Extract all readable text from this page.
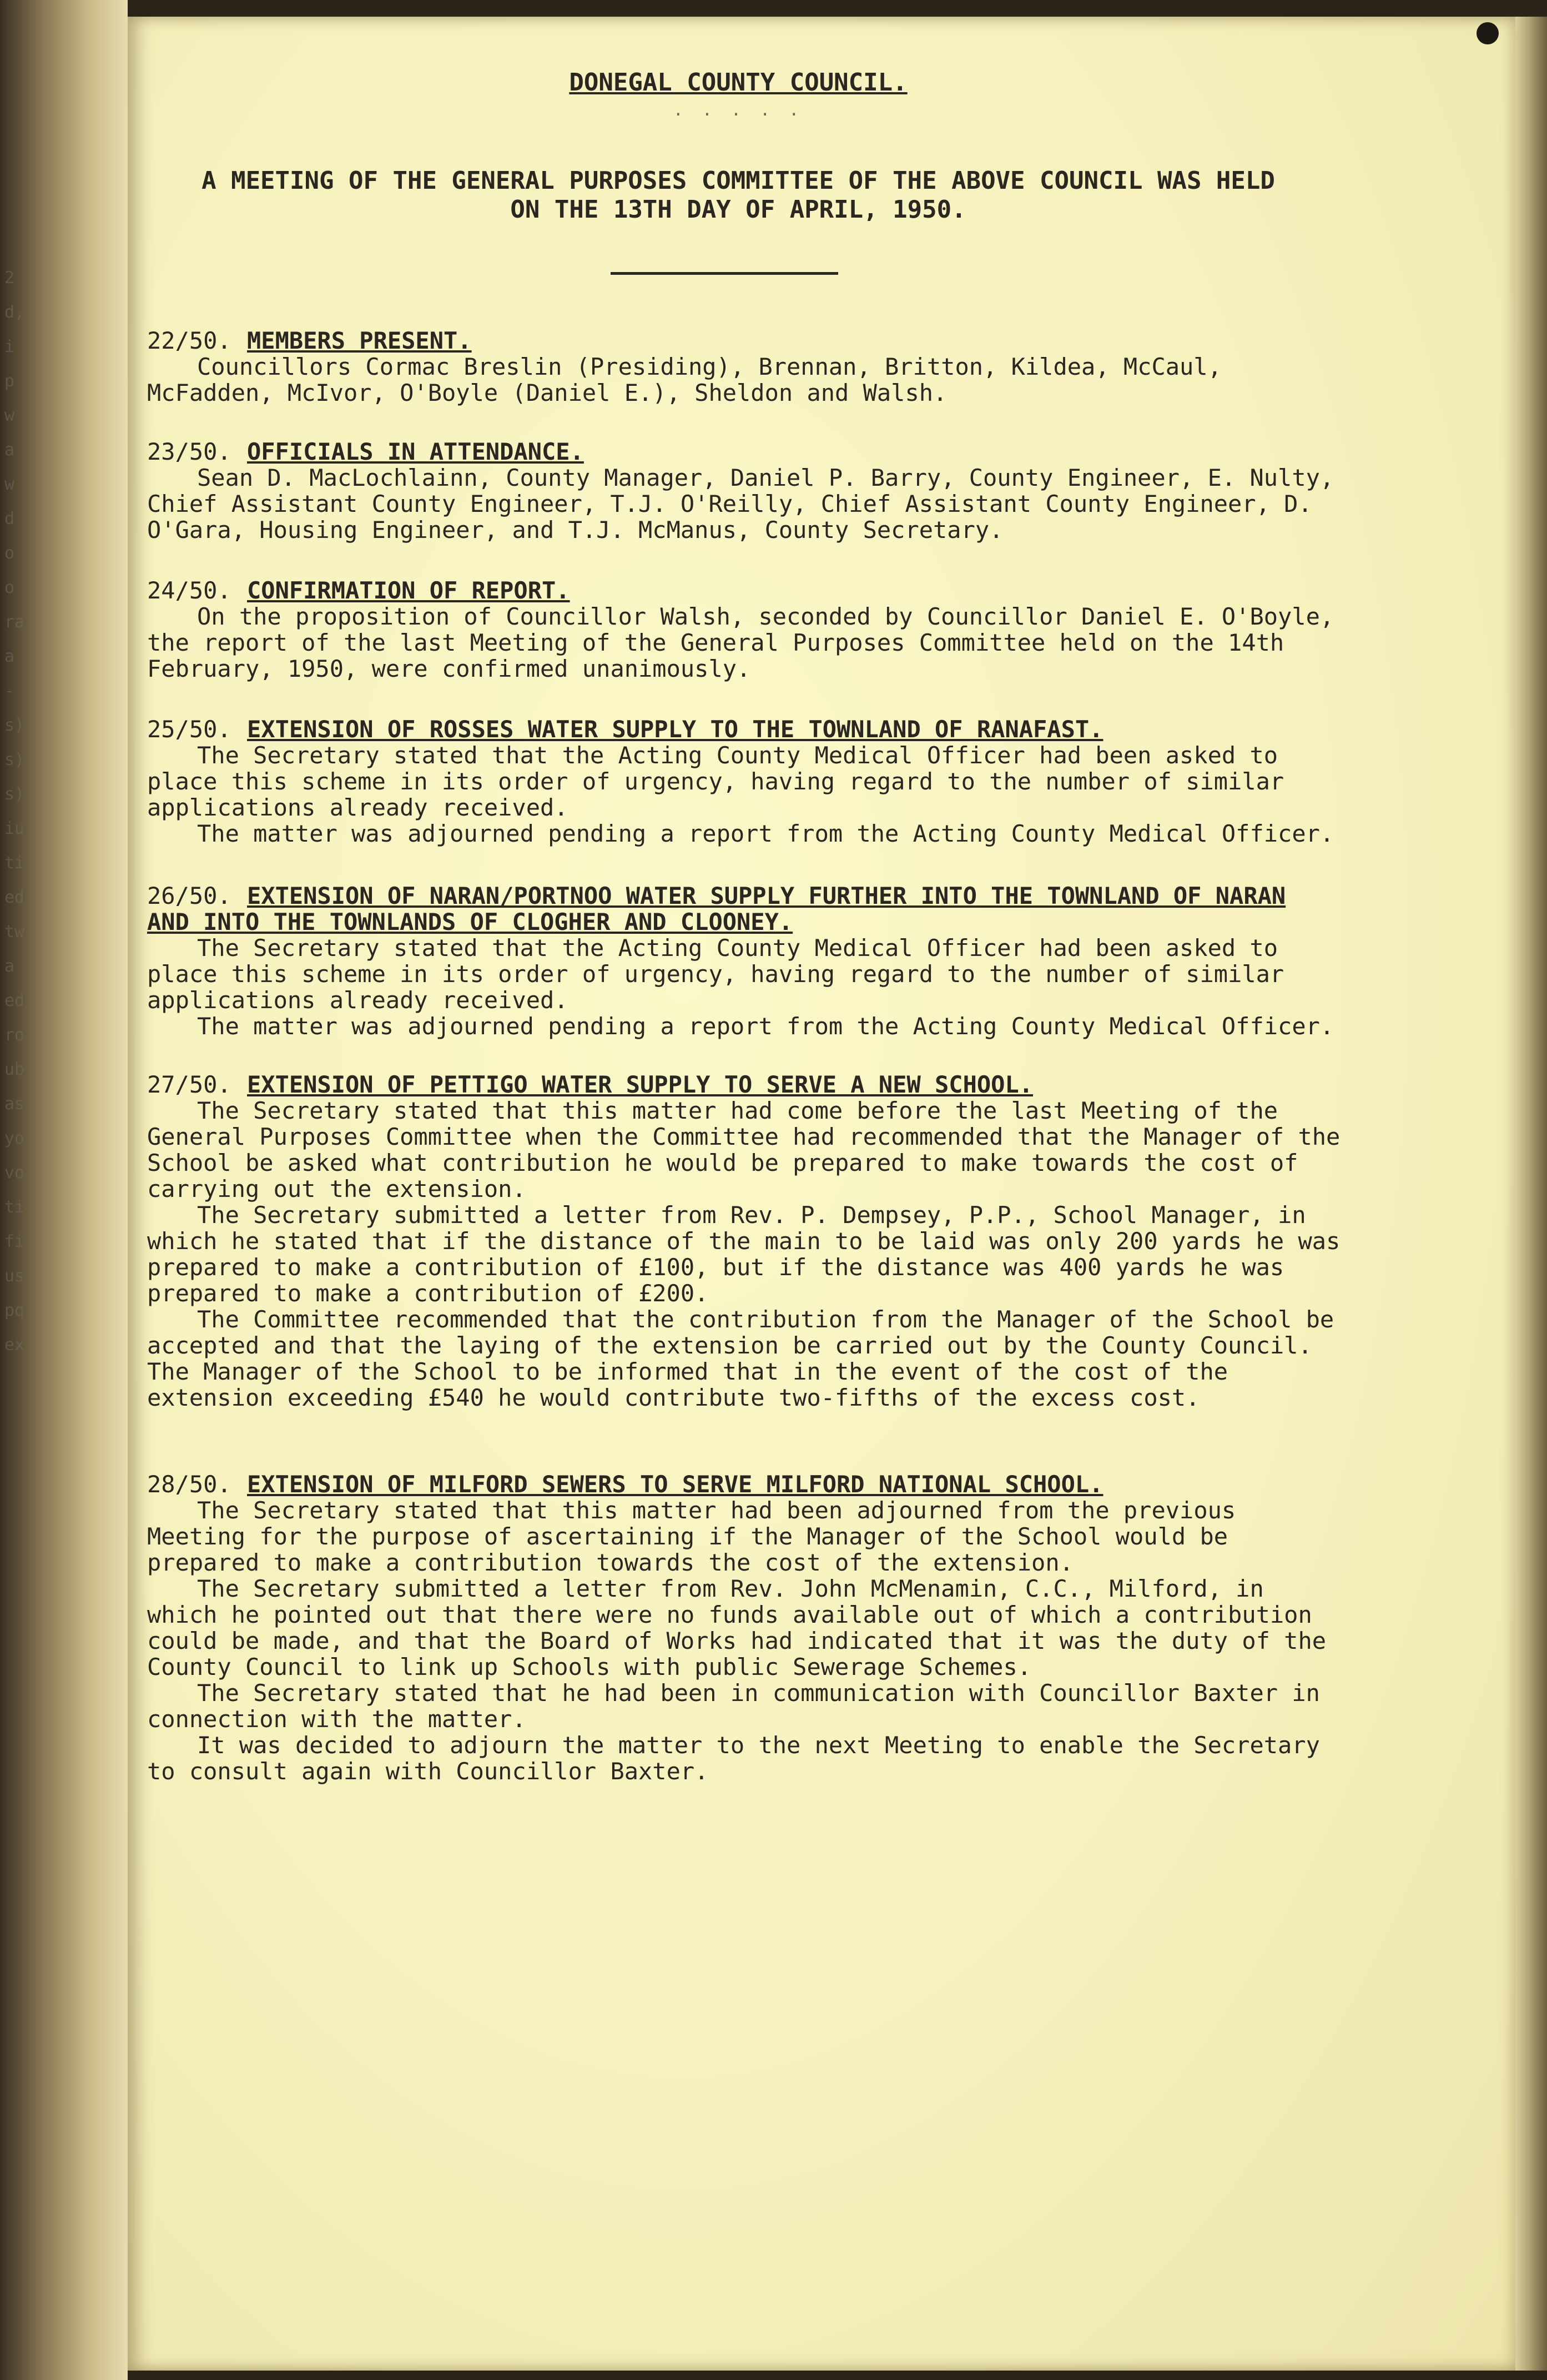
2
d,
i
p
w
a
w
d
o
o
ra
a
-
s)
s)
s)
iu
ti
ed
tw
a
ed
ro
ub
as
yo
vo
ti
fi
us
pq
ex
DONEGAL COUNTY COUNCIL.
. . . . .
A MEETING OF THE GENERAL PURPOSES COMMITTEE OF THE ABOVE COUNCIL WAS HELD
ON THE 13TH DAY OF APRIL, 1950.

22/50. MEMBERS PRESENT.

Councillors Cormac Breslin (Presiding), Brennan, Britton, Kildea, McCaul, McFadden, McIvor, O'Boyle (Daniel E.), Sheldon and Walsh.

23/50. OFFICIALS IN ATTENDANCE.

Sean D. MacLochlainn, County Manager, Daniel P. Barry, County Engineer, E. Nulty, Chief Assistant County Engineer, T.J. O'Reilly, Chief Assistant County Engineer, D. O'Gara, Housing Engineer, and T.J. McManus, County Secretary.

24/50. CONFIRMATION OF REPORT.

On the proposition of Councillor Walsh, seconded by Councillor Daniel E. O'Boyle, the report of the last Meeting of the General Purposes Committee held on the 14th February, 1950, were confirmed unanimously.

25/50. EXTENSION OF ROSSES WATER SUPPLY TO THE TOWNLAND OF RANAFAST.

The Secretary stated that the Acting County Medical Officer had been asked to place this scheme in its order of urgency, having regard to the number of similar applications already received.

The matter was adjourned pending a report from the Acting County Medical Officer.

26/50. EXTENSION OF NARAN/PORTNOO WATER SUPPLY FURTHER INTO THE TOWNLAND OF NARAN AND INTO THE TOWNLANDS OF CLOGHER AND CLOONEY.

The Secretary stated that the Acting County Medical Officer had been asked to place this scheme in its order of urgency, having regard to the number of similar applications already received.

The matter was adjourned pending a report from the Acting County Medical Officer.

27/50. EXTENSION OF PETTIGO WATER SUPPLY TO SERVE A NEW SCHOOL.

The Secretary stated that this matter had come before the last Meeting of the General Purposes Committee when the Committee had recommended that the Manager of the School be asked what contribution he would be prepared to make towards the cost of carrying out the extension.

The Secretary submitted a letter from Rev. P. Dempsey, P.P., School Manager, in which he stated that if the distance of the main to be laid was only 200 yards he was prepared to make a contribution of £100, but if the distance was 400 yards he was prepared to make a contribution of £200.

The Committee recommended that the contribution from the Manager of the School be accepted and that the laying of the extension be carried out by the County Council. The Manager of the School to be informed that in the event of the cost of the extension exceeding £540 he would contribute two-fifths of the excess cost.

28/50. EXTENSION OF MILFORD SEWERS TO SERVE MILFORD NATIONAL SCHOOL.

The Secretary stated that this matter had been adjourned from the previous Meeting for the purpose of ascertaining if the Manager of the School would be prepared to make a contribution towards the cost of the extension.

The Secretary submitted a letter from Rev. John McMenamin, C.C., Milford, in which he pointed out that there were no funds available out of which a contribution could be made, and that the Board of Works had indicated that it was the duty of the County Council to link up Schools with public Sewerage Schemes.

The Secretary stated that he had been in communication with Councillor Baxter in connection with the matter.

It was decided to adjourn the matter to the next Meeting to enable the Secretary to consult again with Councillor Baxter.
